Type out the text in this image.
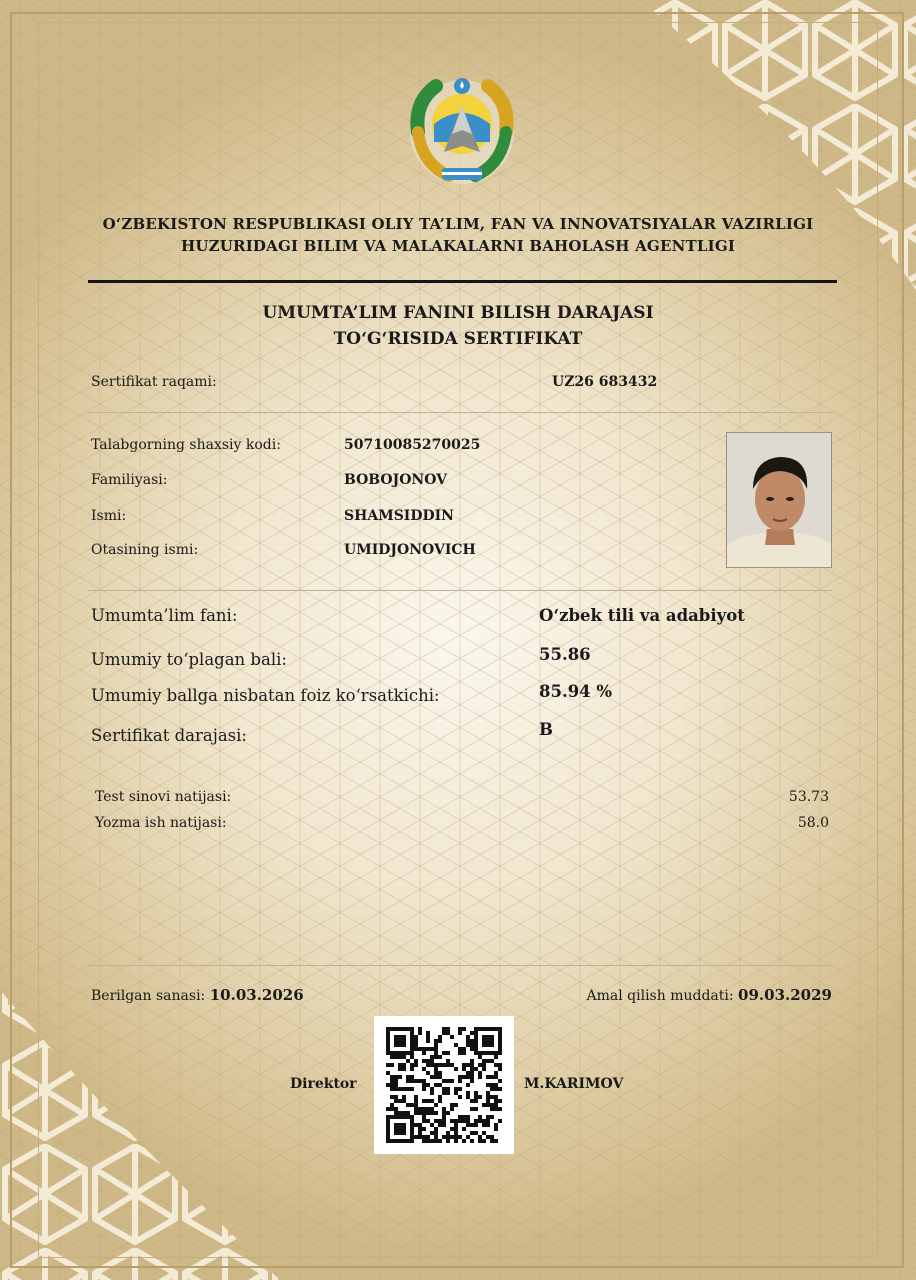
O‘ZBEKISTON RESPUBLIKASI OLIY TA’LIM, FAN VA INNOVATSIYALAR VAZIRLIGI
HUZURIDAGI BILIM VA MALAKALARNI BAHOLASH AGENTLIGI
UMUMTA’LIM FANINI BILISH DARAJASI
TO‘G‘RISIDA SERTIFIKAT
Sertifikat raqami:	UZ26 683432
Talabgorning shaxsiy kodi:	50710085270025
Familiyasi:	BOBOJONOV
Ismi:	SHAMSIDDIN
Otasining ismi:	UMIDJONOVICH
Umumta’lim fani:	O‘zbek tili va adabiyot
Umumiy to‘plagan bali:	55.86
Umumiy ballga nisbatan foiz ko‘rsatkichi:	85.94 %
Sertifikat darajasi:	B
Test sinovi natijasi:	53.73
Yozma ish natijasi:	58.0
Berilgan sanasi: 10.03.2026	Amal qilish muddati: 09.03.2029
Direktor	M.KARIMOV
